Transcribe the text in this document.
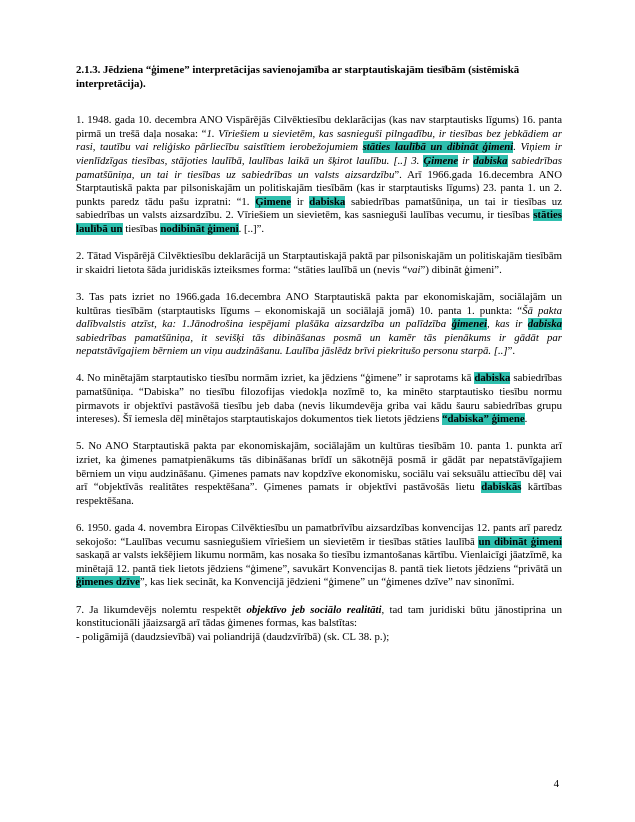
2.1.3. Jēdziena “ģimene” interpretācijas savienojamība ar starptautiskajām tiesībām (sistēmiskā interpretācija).

1. 1948. gada 10. decembra ANO Vispārējās Cilvēktiesību deklarācijas (kas nav starptautisks līgums) 16. panta pirmā un trešā daļa nosaka: “1. Vīriešiem u sievietēm, kas sasnieguši pilngadību, ir tiesības bez jebkādiem ar rasi, tautību vai reliģisko pārliecību saistītiem ierobežojumiem stāties laulībā un dibināt ģimeni. Viņiem ir vienlīdzīgas tiesības, stājoties laulībā, laulības laikā un šķirot laulību. [..] 3. Ģimene ir dabiska sabiedrības pamatšūniņa, un tai ir tiesības uz sabiedrības un valsts aizsardzību”. Arī 1966.gada 16.decembra ANO Starptautiskā pakta par pilsoniskajām un politiskajām tiesībām (kas ir starptautisks līgums) 23. panta 1. un 2. punkts paredz tādu pašu izpratni: “1. Ģimene ir dabiska sabiedrības pamatšūniņa, un tai ir tiesības uz sabiedrības un valsts aizsardzību. 2. Vīriešiem un sievietēm, kas sasnieguši laulības vecumu, ir tiesības stāties laulībā un tiesības nodibināt ģimeni. [..]”.

2. Tātad Vispārējā Cilvēktiesību deklarācijā un Starptautiskajā paktā par pilsoniskajām un politiskajām tiesībām ir skaidri lietota šāda juridiskās izteiksmes forma: “stāties laulībā un (nevis “vai”) dibināt ģimeni”.

3. Tas pats izriet no 1966.gada 16.decembra ANO Starptautiskā pakta par ekonomiskajām, sociālajām un kultūras tiesībām (starptautisks līgums – ekonomiskajā un sociālajā jomā) 10. panta 1. punkta: “Šā pakta dalībvalstis atzīst, ka: 1.Jānodrošina iespējami plašāka aizsardzība un palīdzība ģimenei, kas ir dabiska sabiedrības pamatšūniņa, it sevišķi tās dibināšanas posmā un kamēr tās pienākums ir gādāt par nepatstāvīgajiem bērniem un viņu audzināšanu. Laulība jāslēdz brīvi piekritušo personu starpā. [..]”.

4. No minētajām starptautisko tiesību normām izriet, ka jēdziens “ģimene” ir saprotams kā dabiska sabiedrības pamatšūniņa. “Dabiska” no tiesību filozofijas viedokļa nozīmē to, ka minēto starptautisko tiesību normu pirmavots ir objektīvi pastāvošā tiesību jeb daba (nevis likumdevēja griba vai kādu šauru sabiedrības grupu intereses). Šī iemesla dēļ minētajos starptautiskajos dokumentos tiek lietots jēdziens “dabiska” ģimene.

5. No ANO Starptautiskā pakta par ekonomiskajām, sociālajām un kultūras tiesībām 10. panta 1. punkta arī izriet, ka ģimenes pamatpienākums tās dibināšanas brīdī un sākotnējā posmā ir gādāt par nepatstāvīgajiem bērniem un viņu audzināšanu. Ģimenes pamats nav kopdzīve ekonomisku, sociālu vai seksuālu attiecību dēļ vai arī “objektīvās realitātes respektēšana”. Ģimenes pamats ir objektīvi pastāvošās lietu dabiskās kārtības respektēšana.

6. 1950. gada 4. novembra Eiropas Cilvēktiesību un pamatbrīvību aizsardzības konvencijas 12. pants arī paredz sekojošo: “Laulības vecumu sasniegušiem vīriešiem un sievietēm ir tiesības stāties laulībā un dibināt ģimeni saskaņā ar valsts iekšējiem likumu normām, kas nosaka šo tiesību izmantošanas kārtību. Vienlaicīgi jāatzīmē, ka minētajā 12. pantā tiek lietots jēdziens “ģimene”, savukārt Konvencijas 8. pantā tiek lietots jēdziens “privātā un ģimenes dzīve”, kas liek secināt, ka Konvencijā jēdzieni “ģimene” un “ģimenes dzīve” nav sinonīmi.

7. Ja likumdevējs nolemtu respektēt objektīvo jeb sociālo realitāti, tad tam juridiski būtu jānostiprina un konstitucionāli jāaizsargā arī tādas ģimenes formas, kas balstītas:
- poligāmijā (daudzsievībā) vai poliandrijā (daudzvīrībā) (sk. CL 38. p.);

4
